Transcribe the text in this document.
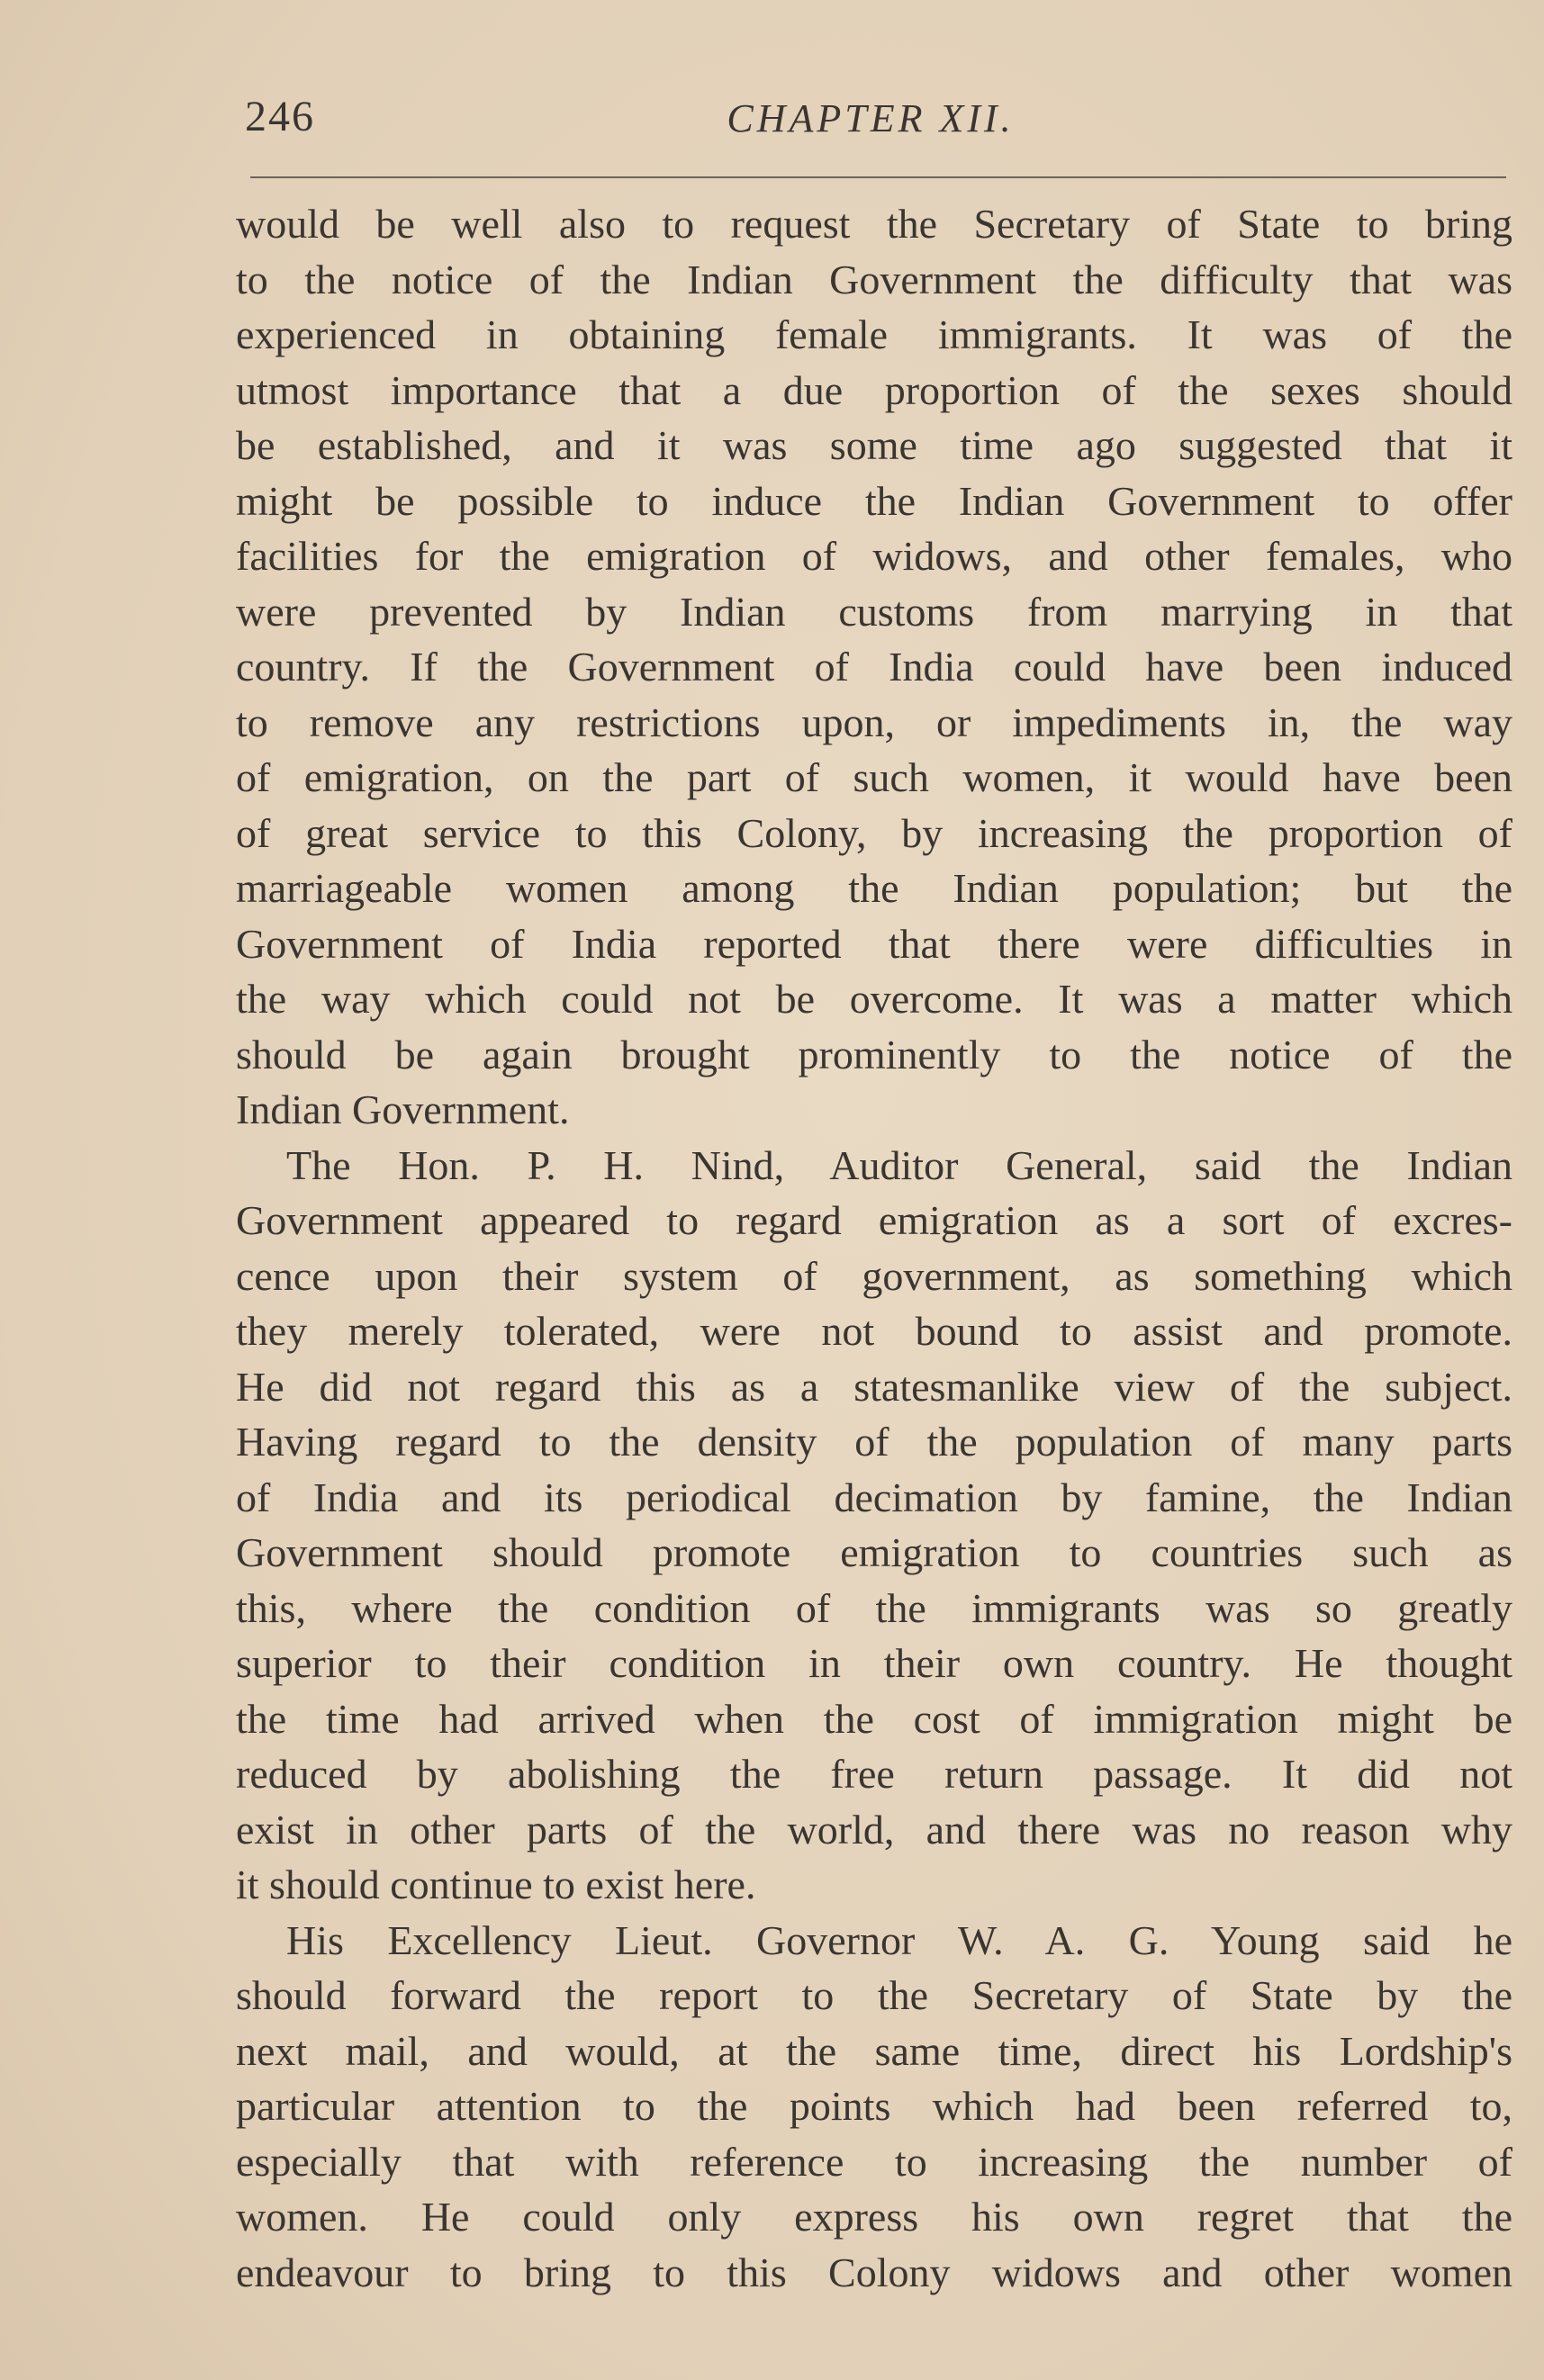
246	CHAPTER XII.
would be well also to request the Secretary of State to bring
to the notice of the Indian Government the difficulty that was
experienced in obtaining female immigrants. It was of the
utmost importance that a due proportion of the sexes should
be established, and it was some time ago suggested that it
might be possible to induce the Indian Government to offer
facilities for the emigration of widows, and other females, who
were prevented by Indian customs from marrying in that
country. If the Government of India could have been induced
to remove any restrictions upon, or impediments in, the way
of emigration, on the part of such women, it would have been
of great service to this Colony, by increasing the proportion of
marriageable women among the Indian population; but the
Government of India reported that there were difficulties in
the way which could not be overcome. It was a matter which
should be again brought prominently to the notice of the
Indian Government.
The Hon. P. H. Nind, Auditor General, said the Indian
Government appeared to regard emigration as a sort of excres-
cence upon their system of government, as something which
they merely tolerated, were not bound to assist and promote.
He did not regard this as a statesmanlike view of the subject.
Having regard to the density of the population of many parts
of India and its periodical decimation by famine, the Indian
Government should promote emigration to countries such as
this, where the condition of the immigrants was so greatly
superior to their condition in their own country. He thought
the time had arrived when the cost of immigration might be
reduced by abolishing the free return passage. It did not
exist in other parts of the world, and there was no reason why
it should continue to exist here.
His Excellency Lieut. Governor W. A. G. Young said he
should forward the report to the Secretary of State by the
next mail, and would, at the same time, direct his Lordship's
particular attention to the points which had been referred to,
especially that with reference to increasing the number of
women. He could only express his own regret that the
endeavour to bring to this Colony widows and other women
